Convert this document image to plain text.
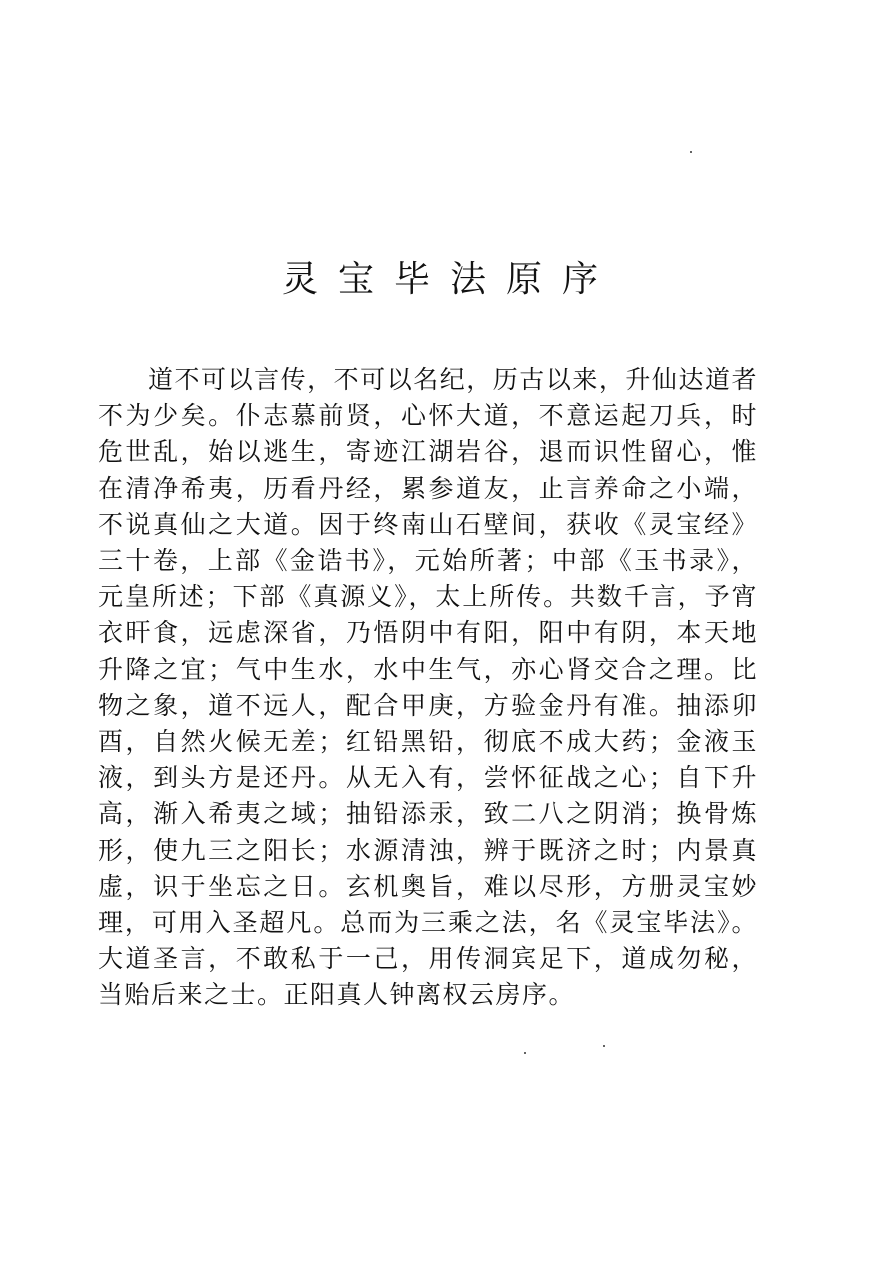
灵宝毕法原序

道不可以言传，不可以名纪，历古以来，升仙达道者不为少矣。仆志慕前贤，心怀大道，不意运起刀兵，时危世乱，始以逃生，寄迹江湖岩谷，退而识性留心，惟在清净希夷，历看丹经，累参道友，止言养命之小端，不说真仙之大道。因于终南山石壁间，获收《灵宝经》三十卷，上部《金诰书》，元始所著；中部《玉书录》，元皇所述；下部《真源义》，太上所传。共数千言，予宵衣旰食，远虑深省，乃悟阴中有阳，阳中有阴，本天地升降之宜；气中生水，水中生气，亦心肾交合之理。比物之象，道不远人，配合甲庚，方验金丹有准。抽添卯酉，自然火候无差；红铅黑铅，彻底不成大药；金液玉液，到头方是还丹。从无入有，尝怀征战之心；自下升高，渐入希夷之域；抽铅添汞，致二八之阴消；换骨炼形，使九三之阳长；水源清浊，辨于既济之时；内景真虚，识于坐忘之日。玄机奥旨，难以尽形，方册灵宝妙理，可用入圣超凡。总而为三乘之法，名《灵宝毕法》。大道圣言，不敢私于一己，用传洞宾足下，道成勿秘，当贻后来之士。正阳真人钟离权云房序。
